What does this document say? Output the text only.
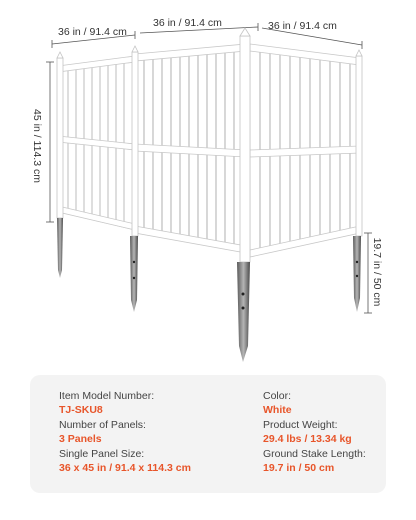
36 in / 91.4 cm
36 in / 91.4 cm	36 in / 91.4 cm
45 in / 114.3 cm
19.7 in / 50 cm
Item Model Number:
TJ-SKU8
Number of Panels:
3 Panels
Single Panel Size:
36 x 45 in / 91.4 x 114.3 cm
Color:
White
Product Weight:
29.4 lbs / 13.34 kg
Ground Stake Length:
19.7 in / 50 cm
